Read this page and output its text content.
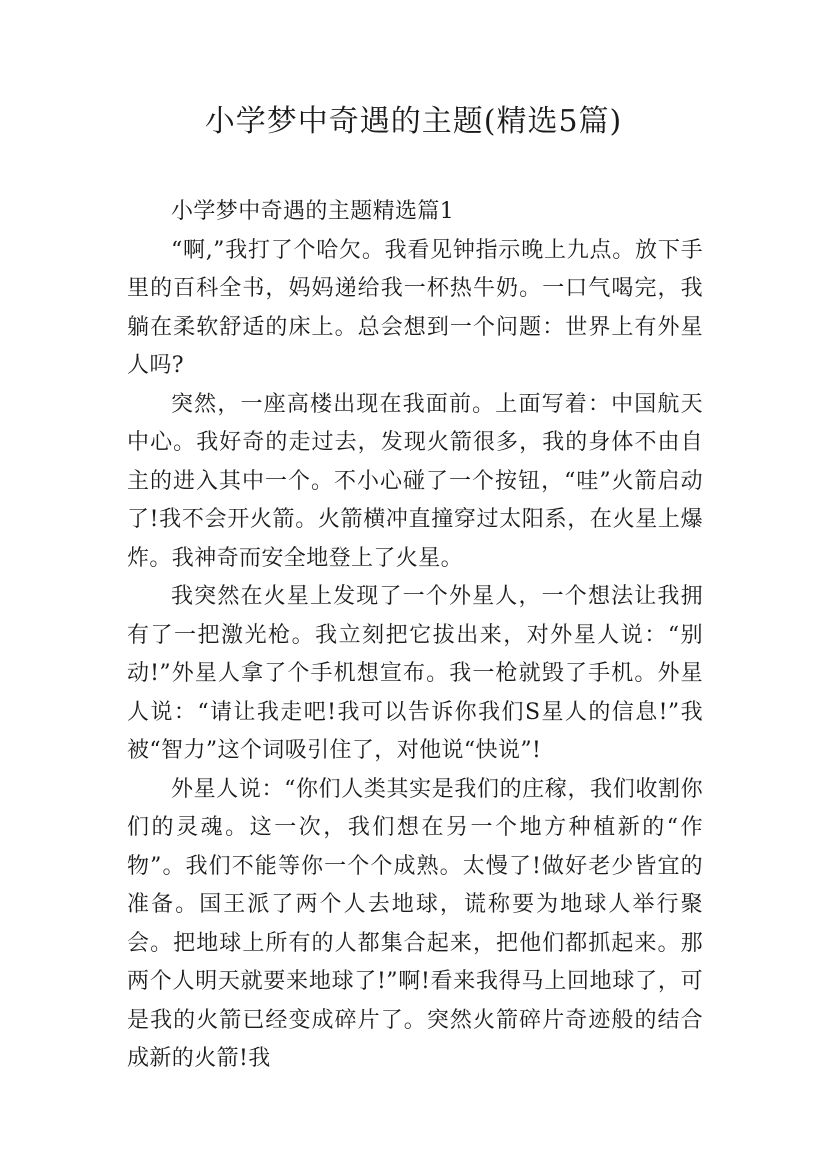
小学梦中奇遇的主题(精选5篇)

小学梦中奇遇的主题精选篇1

“啊,”我打了个哈欠。我看见钟指示晚上九点。放下手里的百科全书，妈妈递给我一杯热牛奶。一口气喝完，我躺在柔软舒适的床上。总会想到一个问题：世界上有外星人吗?

突然，一座高楼出现在我面前。上面写着：中国航天中心。我好奇的走过去，发现火箭很多，我的身体不由自主的进入其中一个。不小心碰了一个按钮，“哇”火箭启动了!我不会开火箭。火箭横冲直撞穿过太阳系，在火星上爆炸。我神奇而安全地登上了火星。

我突然在火星上发现了一个外星人，一个想法让我拥有了一把激光枪。我立刻把它拔出来，对外星人说：“别动!”外星人拿了个手机想宣布。我一枪就毁了手机。外星人说：“请让我走吧!我可以告诉你我们S星人的信息!”我被“智力”这个词吸引住了，对他说“快说”!

外星人说：“你们人类其实是我们的庄稼，我们收割你们的灵魂。这一次，我们想在另一个地方种植新的“作物”。我们不能等你一个个成熟。太慢了!做好老少皆宜的准备。国王派了两个人去地球，谎称要为地球人举行聚会。把地球上所有的人都集合起来，把他们都抓起来。那两个人明天就要来地球了!”啊!看来我得马上回地球了，可是我的火箭已经变成碎片了。突然火箭碎片奇迹般的结合成新的火箭!我
